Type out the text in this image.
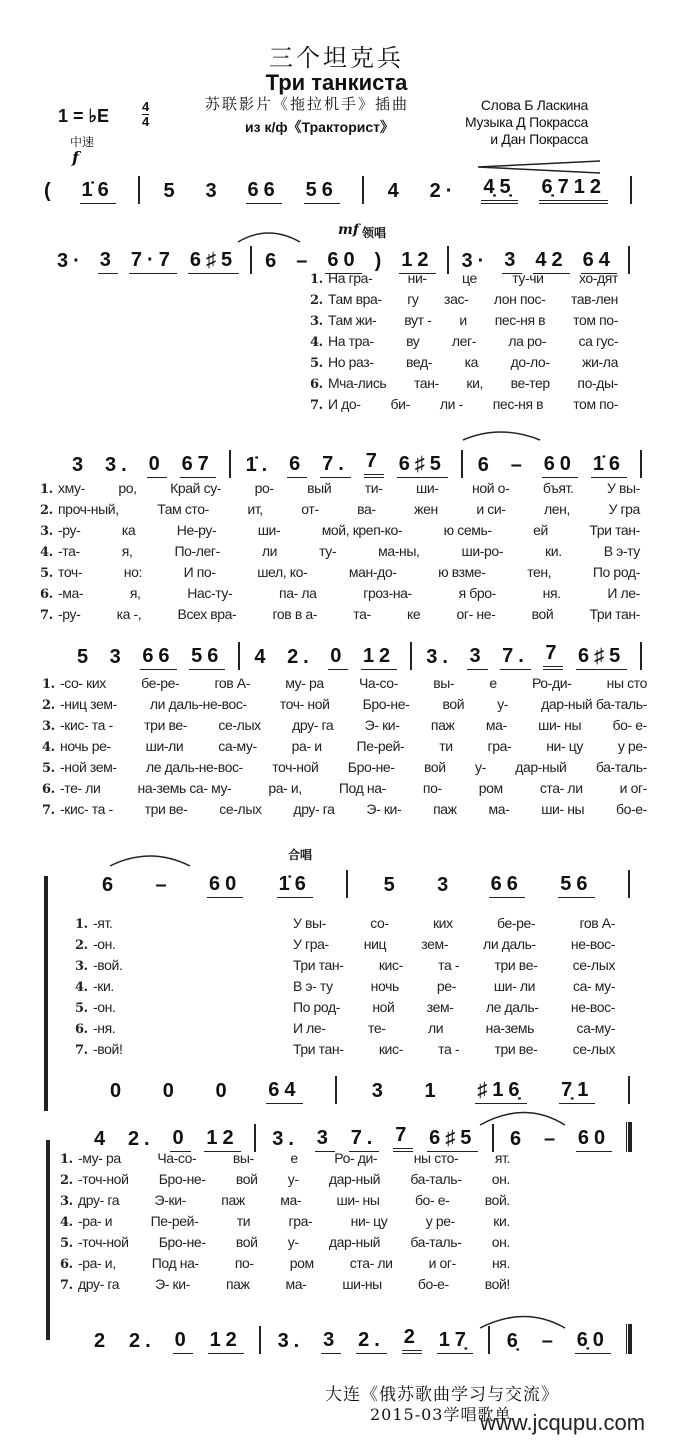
三个坦克兵
Три танкиста
苏联影片《拖拉机手》插曲
из к/ф《Тракторист》
Слова Б Ласкина
Музыка Д Покрасса
и Дан Покрасса
1 = ♭E	$\frac{4}{4}$
中速
f
( 1̇6 5 3 66 56 4 2· 4̣5̣ 6̣712
mf 领唱
3· 3 7·7 6♯5 6 – 60 ) 12 3· 3 42 64
1. На гра-	ни-	це	ту-чи	хо-дят
2. Там вра- гу зас- лон пос- тав-лен
3. Там жи- вут - и пес-ня в том по-
4. На тра- ву лег- ла ро- са гус-
5. Но раз- вед- ка до-ло- жи-ла
6. Мча-лись тан- ки, ве-тер по-ды-
7. И до- би- ли - пес-ня в том по-
3 3. 0 67 1̇. 6 7. 7 6♯5 6 – 60 1̇6
1. хму- ро, Край су- ро- вый ти- ши- ной о- бъят. У вы-
2. проч-ный,	Там сто-	ит,	от-	ва-	жен	и си-	лен,	У гра
3. -ру-	ка	Не-ру-	ши-	мой, креп-ко-	ю семь-	ей	Три тан-
4. -та-	я,	По-лег-	ли	ту-	ма-ны,	ши-ро-	ки.	В э-ту
5. точ-	но:	И по-	шел, ко-	ман-до-	ю взме-	тен,	По род-
6. -ма-	я,	Нас-ту-	па- ла	гроз-на-	я бро-	ня.	И ле-
7. -ру-	ка -,	Всех вра-	гов в а-	та-	ке	ог- не-	вой	Три тан-
5 3 66 56 4 2. 0 12 3. 3 7. 7 6♯5
1. -со- ких	бе-ре-	гов А-	му- ра	Ча-со-	вы-	е	Ро-ди-	ны сто
2. -ниц зем- ли даль-не-вос- точ- ной Бро-не- вой у- дар-ный ба-таль-
3. -кис- та - три ве- се-лых дру- га Э- ки- паж ма- ши- ны бо- е-
4. ночь ре- ши-ли са-му- ра- и Пе-рей- ти гра- ни- цу у ре-
5. -ной зем- ле даль-не-вос- точ-ной Бро-не- вой у- дар-ный ба-таль-
6. -те- ли	на-земь са- му-	ра- и,	Под на-	по-	ром	ста- ли	и ог-
7. -кис- та - три ве- се-лых дру- га Э- ки- паж ма- ши- ны бо-е-
合唱
6 – 60 1̇6	5 3 66 56
1. -ят.	У вы-	со-	ких	бе-ре-	гов А-
2. -он.	У гра-	ниц	зем-	ли даль-	не-вос-
3. -вой.	Три тан-	кис-	та -	три ве-	се-лых
4. -ки.	В э- ту	ночь	ре-	ши- ли	са- му-
5. -он.	По род- ной зем- ле даль- не-вос-
6. -ня.	И ле-	те-	ли	на-земь	са-му-
7. -вой!	Три тан-	кис-	та -	три ве-	се-лых
0 0 0 64	3 1 ♯16̣ 7̣1
4 2. 0 12 3. 3 7. 7 6♯5 6 – 60
1. -му- ра	Ча-со-	вы-	е	Ро- ди-	ны сто-	ят.
2. -точ-ной Бро-не- вой у- дар-ный ба-таль- он.
3. дру- га	Э-ки-	паж	ма-	ши- ны	бо- е-	вой.
4. -ра- и	Пе-рей-	ти	гра-	ни- цу	у ре-	ки.
5. -точ-ной Бро-не- вой у- дар-ный ба-таль- он.
6. -ра- и,	Под на-	по-	ром	ста- ли	и ог-	ня.
7. дру- га	Э- ки-	паж	ма-	ши-ны	бо-е-	вой!
2 2. 0 12 3. 3 2. 2 17̣ 6̣ – 6̣0
大连《俄苏歌曲学习与交流》
2015-03学唱歌单
www.jcqupu.com
